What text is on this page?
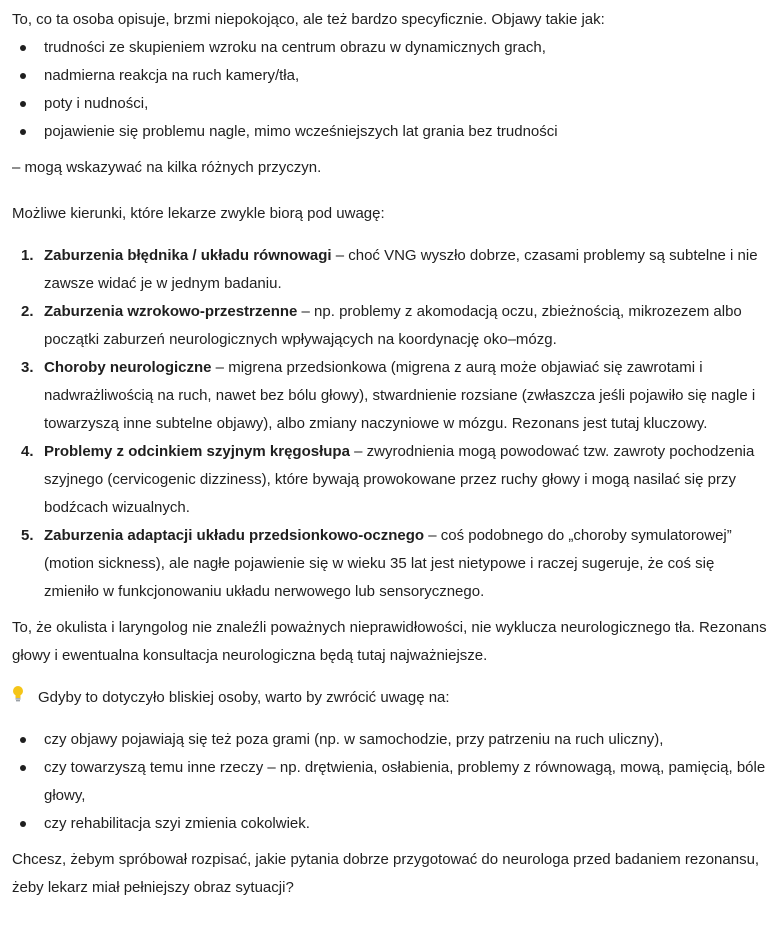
To, co ta osoba opisuje, brzmi niepokojąco, ale też bardzo specyficznie. Objawy takie jak:

trudności ze skupieniem wzroku na centrum obrazu w dynamicznych grach,
nadmierna reakcja na ruch kamery/tła,
poty i nudności,
pojawienie się problemu nagle, mimo wcześniejszych lat grania bez trudności

– mogą wskazywać na kilka różnych przyczyn.

Możliwe kierunki, które lekarze zwykle biorą pod uwagę:

1. Zaburzenia błędnika / układu równowagi – choć VNG wyszło dobrze, czasami problemy są subtelne i nie zawsze widać je w jednym badaniu.
2. Zaburzenia wzrokowo-przestrzenne – np. problemy z akomodacją oczu, zbieżnością, mikrozezem albo początki zaburzeń neurologicznych wpływających na koordynację oko–mózg.
3. Choroby neurologiczne – migrena przedsionkowa (migrena z aurą może objawiać się zawrotami i nadwrażliwością na ruch, nawet bez bólu głowy), stwardnienie rozsiane (zwłaszcza jeśli pojawiło się nagle i towarzyszą inne subtelne objawy), albo zmiany naczyniowe w mózgu. Rezonans jest tutaj kluczowy.
4. Problemy z odcinkiem szyjnym kręgosłupa – zwyrodnienia mogą powodować tzw. zawroty pochodzenia szyjnego (cervicogenic dizziness), które bywają prowokowane przez ruchy głowy i mogą nasilać się przy bodźcach wizualnych.
5. Zaburzenia adaptacji układu przedsionkowo-ocznego – coś podobnego do „choroby symulatorowej” (motion sickness), ale nagłe pojawienie się w wieku 35 lat jest nietypowe i raczej sugeruje, że coś się zmieniło w funkcjonowaniu układu nerwowego lub sensorycznego.

To, że okulista i laryngolog nie znaleźli poważnych nieprawidłowości, nie wyklucza neurologicznego tła. Rezonans głowy i ewentualna konsultacja neurologiczna będą tutaj najważniejsze.

Gdyby to dotyczyło bliskiej osoby, warto by zwrócić uwagę na:

czy objawy pojawiają się też poza grami (np. w samochodzie, przy patrzeniu na ruch uliczny),
czy towarzyszą temu inne rzeczy – np. drętwienia, osłabienia, problemy z równowagą, mową, pamięcią, bóle głowy,
czy rehabilitacja szyi zmienia cokolwiek.

Chcesz, żebym spróbował rozpisać, jakie pytania dobrze przygotować do neurologa przed badaniem rezonansu, żeby lekarz miał pełniejszy obraz sytuacji?
